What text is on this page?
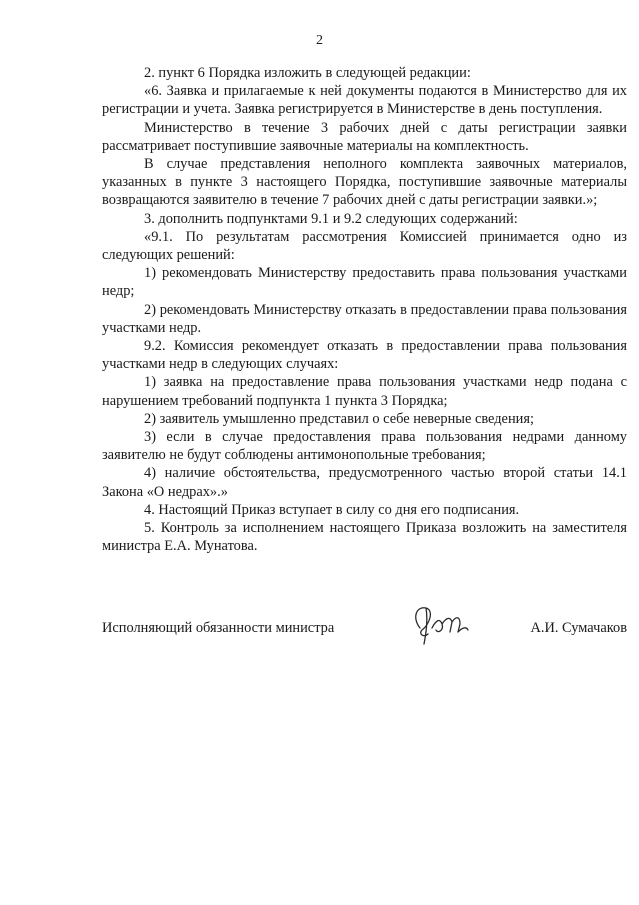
2

2. пункт 6 Порядка изложить в следующей редакции:

«6. Заявка и прилагаемые к ней документы подаются в Министерство для их регистрации и учета. Заявка регистрируется в Министерстве в день поступления.

Министерство в течение 3 рабочих дней с даты регистрации заявки рассматривает поступившие заявочные материалы на комплектность.

В случае представления неполного комплекта заявочных материалов, указанных в пункте 3 настоящего Порядка, поступившие заявочные материалы возвращаются заявителю в течение 7 рабочих дней с даты регистрации заявки.»;

3. дополнить подпунктами 9.1 и 9.2 следующих содержаний:

«9.1. По результатам рассмотрения Комиссией принимается одно из следующих решений:

1) рекомендовать Министерству предоставить права пользования участками недр;

2) рекомендовать Министерству отказать в предоставлении права пользования участками недр.

9.2. Комиссия рекомендует отказать в предоставлении права пользования участками недр в следующих случаях:

1) заявка на предоставление права пользования участками недр подана с нарушением требований подпункта 1 пункта 3 Порядка;

2) заявитель умышленно представил о себе неверные сведения;

3) если в случае предоставления права пользования недрами данному заявителю не будут соблюдены антимонопольные требования;

4) наличие обстоятельства, предусмотренного частью второй статьи 14.1 Закона «О недрах».»

4. Настоящий Приказ вступает в силу со дня его подписания.

5. Контроль за исполнением настоящего Приказа возложить на заместителя министра Е.А. Мунатова.

Исполняющий обязанности министра	А.И. Сумачаков
